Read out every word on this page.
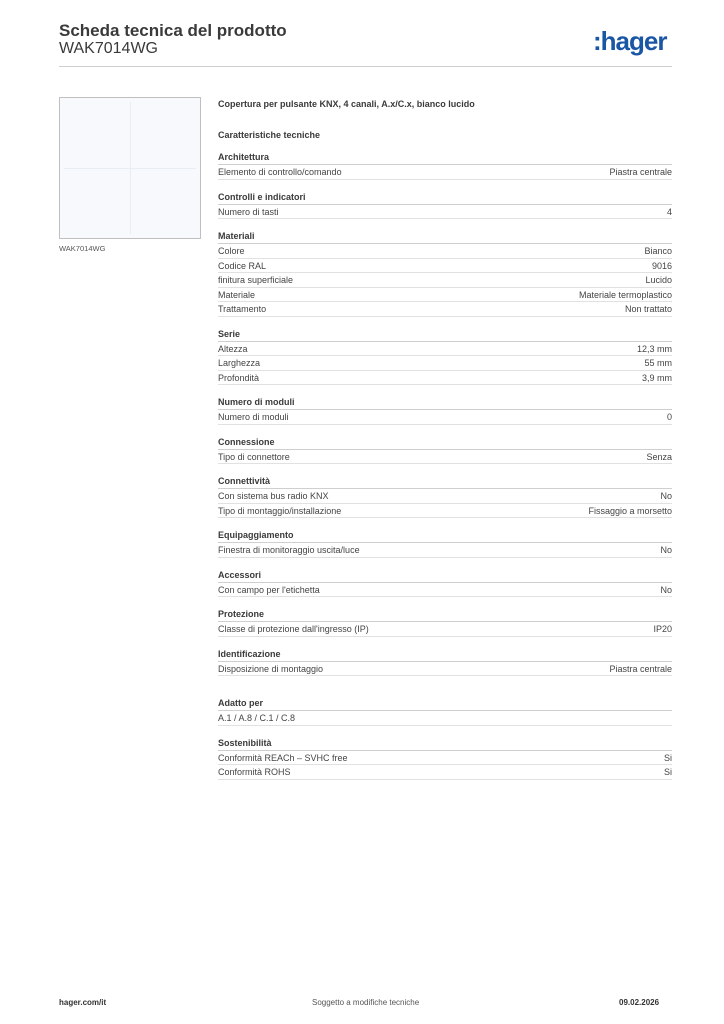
Scheda tecnica del prodotto
WAK7014WG	:hager
WAK7014WG
Copertura per pulsante KNX, 4 canali, A.x/C.x, bianco lucido
Caratteristiche tecniche
Architettura
Elemento di controllo/comando	Piastra centrale
Controlli e indicatori
Numero di tasti	4
Materiali
Colore	Bianco
Codice RAL	9016
finitura superficiale	Lucido
Materiale	Materiale termoplastico
Trattamento	Non trattato
Serie
Altezza	12,3 mm
Larghezza	55 mm
Profondità	3,9 mm
Numero di moduli
Numero di moduli	0
Connessione
Tipo di connettore	Senza
Connettività
Con sistema bus radio KNX	No
Tipo di montaggio/installazione	Fissaggio a morsetto
Equipaggiamento
Finestra di monitoraggio uscita/luce	No
Accessori
Con campo per l'etichetta	No
Protezione
Classe di protezione dall'ingresso (IP)	IP20
Identificazione
Disposizione di montaggio	Piastra centrale
Adatto per
A.1 / A.8 / C.1 / C.8
Sostenibilità
Conformità REACh – SVHC free	Si
Conformità ROHS	Si
hager.com/it	Soggetto a modifiche tecniche	09.02.2026
